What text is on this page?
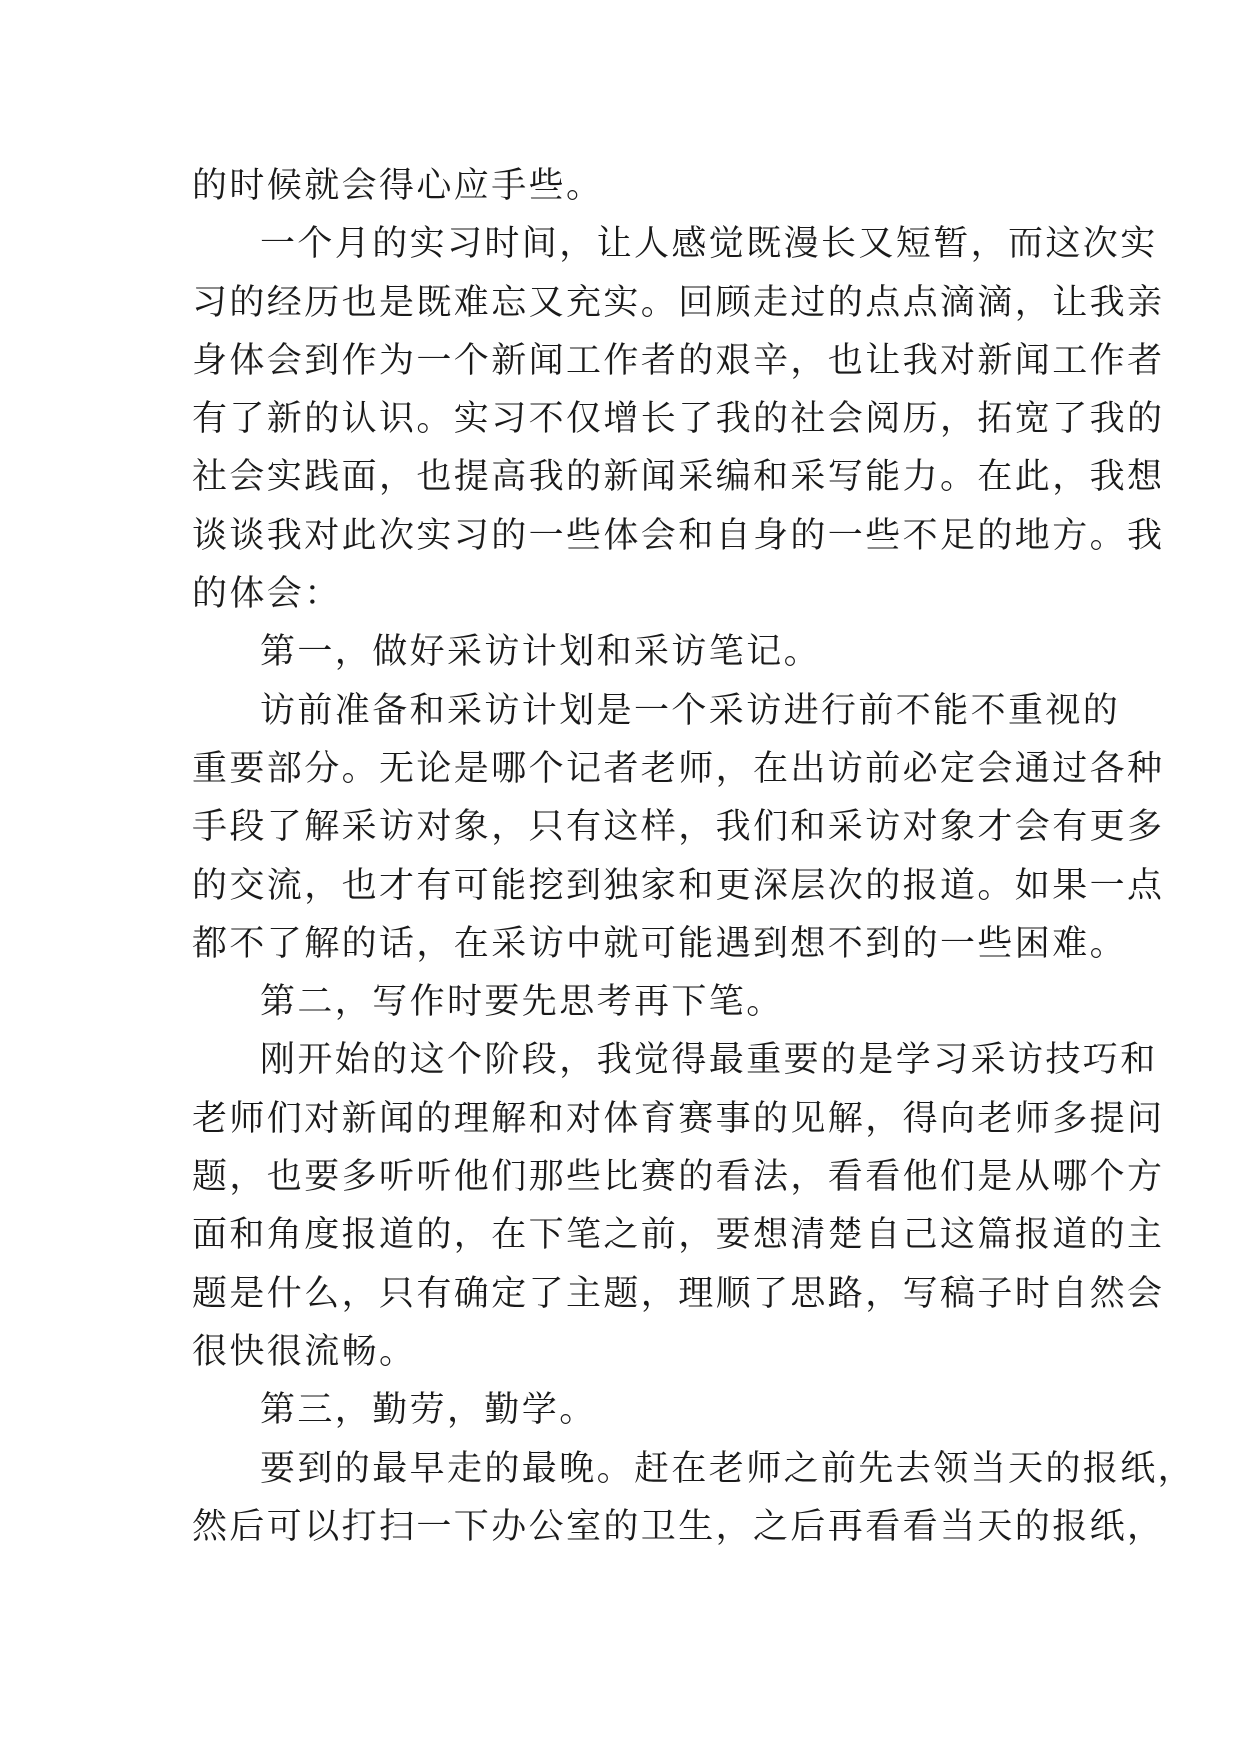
的时候就会得心应手些。
一个月的实习时间，让人感觉既漫长又短暂，而这次实
习的经历也是既难忘又充实。回顾走过的点点滴滴，让我亲
身体会到作为一个新闻工作者的艰辛，也让我对新闻工作者
有了新的认识。实习不仅增长了我的社会阅历，拓宽了我的
社会实践面，也提高我的新闻采编和采写能力。在此，我想
谈谈我对此次实习的一些体会和自身的一些不足的地方。我
的体会：
第一，做好采访计划和采访笔记。
访前准备和采访计划是一个采访进行前不能不重视的
重要部分。无论是哪个记者老师，在出访前必定会通过各种
手段了解采访对象，只有这样，我们和采访对象才会有更多
的交流，也才有可能挖到独家和更深层次的报道。如果一点
都不了解的话，在采访中就可能遇到想不到的一些困难。
第二，写作时要先思考再下笔。
刚开始的这个阶段，我觉得最重要的是学习采访技巧和
老师们对新闻的理解和对体育赛事的见解，得向老师多提问
题，也要多听听他们那些比赛的看法，看看他们是从哪个方
面和角度报道的，在下笔之前，要想清楚自己这篇报道的主
题是什么，只有确定了主题，理顺了思路，写稿子时自然会
很快很流畅。
第三，勤劳，勤学。
要到的最早走的最晚。赶在老师之前先去领当天的报纸，
然后可以打扫一下办公室的卫生，之后再看看当天的报纸，
